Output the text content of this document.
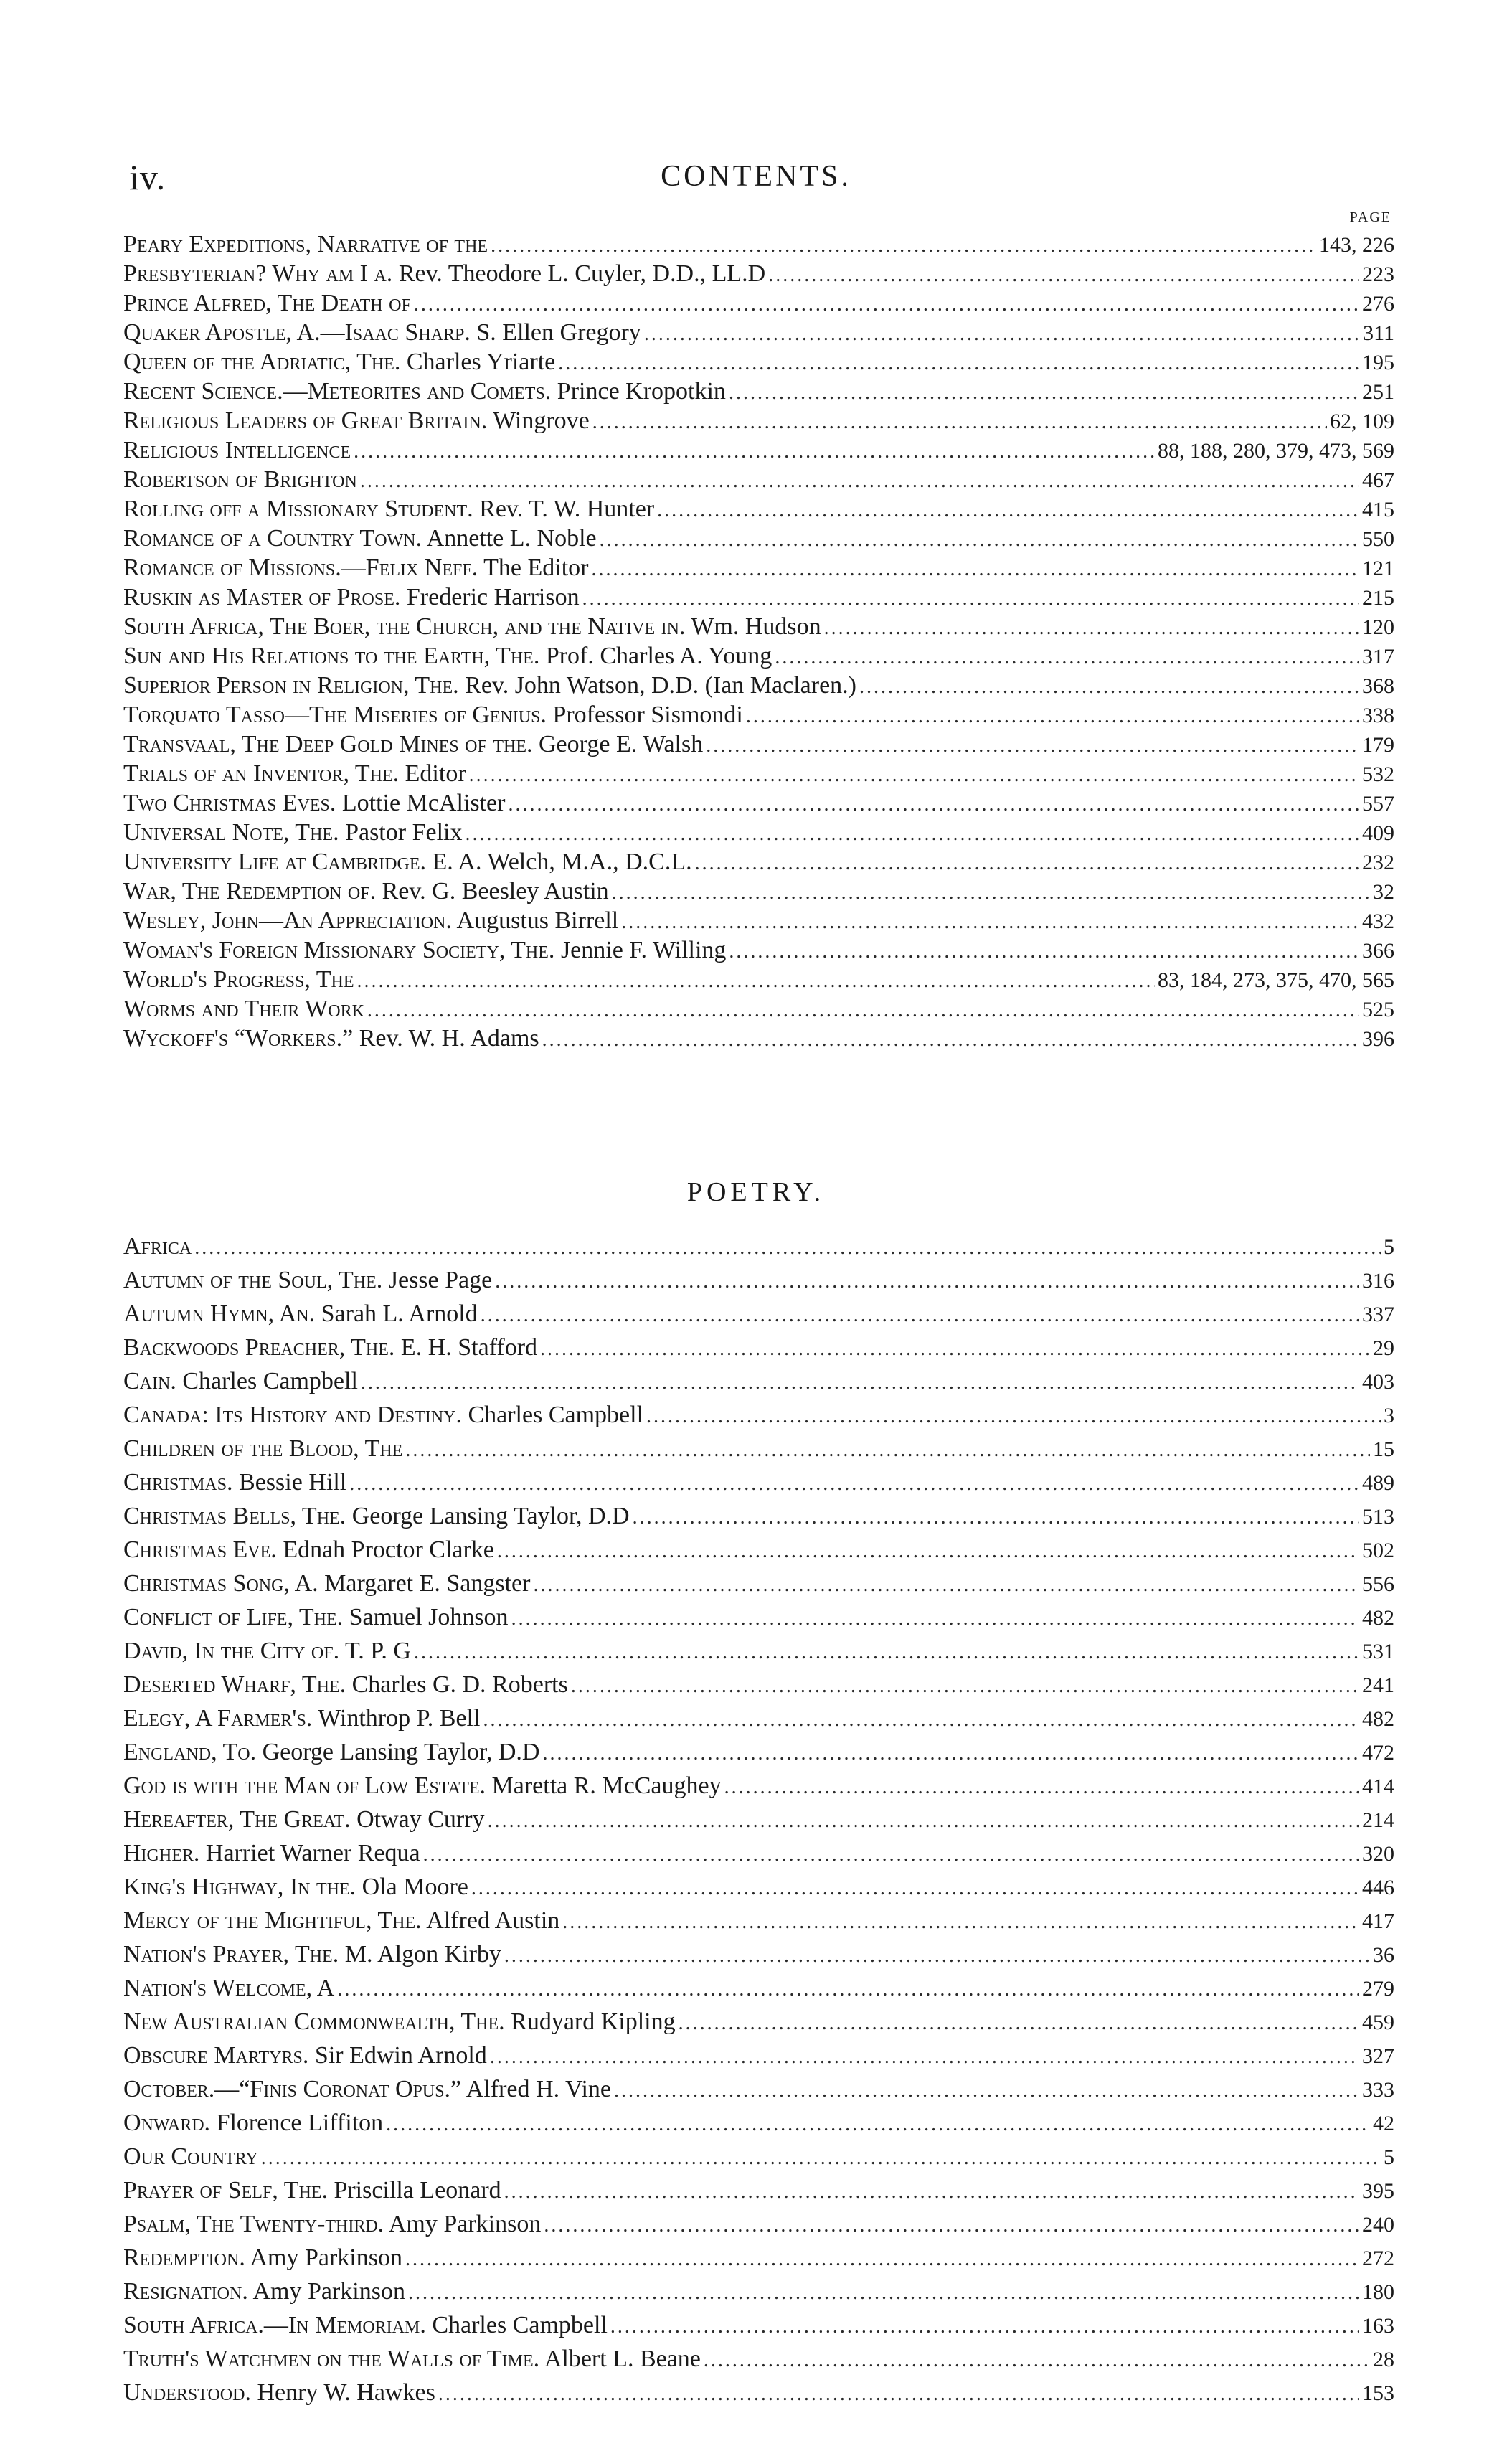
iv.	CONTENTS.
PAGE
Peary Expeditions, Narrative of the .....	143, 226
Presbyterian? Why am I a. Rev. Theodore L. Cuyler, D.D., LL.D .....	223
Prince Alfred, The Death of .....	276
Quaker Apostle, A.—Isaac Sharp. S. Ellen Gregory .....	311
Queen of the Adriatic, The. Charles Yriarte .....	195
Recent Science.—Meteorites and Comets. Prince Kropotkin .....	251
Religious Leaders of Great Britain. Wingrove .....	62, 109
Religious Intelligence .....	88, 188, 280, 379, 473, 569
Robertson of Brighton .....	467
Rolling off a Missionary Student. Rev. T. W. Hunter .....	415
Romance of a Country Town. Annette L. Noble .....	550
Romance of Missions.—Felix Neff. The Editor .....	121
Ruskin as Master of Prose. Frederic Harrison .....	215
South Africa, The Boer, the Church, and the Native in. Wm. Hudson .....	120
Sun and His Relations to the Earth, The. Prof. Charles A. Young .....	317
Superior Person in Religion, The. Rev. John Watson, D.D. (Ian Maclaren.) .....	368
Torquato Tasso—The Miseries of Genius. Professor Sismondi .....	338
Transvaal, The Deep Gold Mines of the. George E. Walsh .....	179
Trials of an Inventor, The. Editor .....	532
Two Christmas Eves. Lottie McAlister .....	557
Universal Note, The. Pastor Felix .....	409
University Life at Cambridge. E. A. Welch, M.A., D.C.L. .....	232
War, The Redemption of. Rev. G. Beesley Austin .....	32
Wesley, John—An Appreciation. Augustus Birrell .....	432
Woman's Foreign Missionary Society, The. Jennie F. Willing .....	366
World's Progress, The .....	83, 184, 273, 375, 470, 565
Worms and Their Work .....	525
Wyckoff's “Workers.” Rev. W. H. Adams .....	396
POETRY.
Africa .....	5
Autumn of the Soul, The. Jesse Page .....	316
Autumn Hymn, An. Sarah L. Arnold .....	337
Backwoods Preacher, The. E. H. Stafford .....	29
Cain. Charles Campbell .....	403
Canada: Its History and Destiny. Charles Campbell .....	3
Children of the Blood, The .....	15
Christmas. Bessie Hill .....	489
Christmas Bells, The. George Lansing Taylor, D.D .....	513
Christmas Eve. Ednah Proctor Clarke .....	502
Christmas Song, A. Margaret E. Sangster .....	556
Conflict of Life, The. Samuel Johnson .....	482
David, In the City of. T. P. G .....	531
Deserted Wharf, The. Charles G. D. Roberts .....	241
Elegy, A Farmer's. Winthrop P. Bell .....	482
England, To. George Lansing Taylor, D.D .....	472
God is with the Man of Low Estate. Maretta R. McCaughey .....	414
Hereafter, The Great. Otway Curry .....	214
Higher. Harriet Warner Requa .....	320
King's Highway, In the. Ola Moore .....	446
Mercy of the Mightiful, The. Alfred Austin .....	417
Nation's Prayer, The. M. Algon Kirby .....	36
Nation's Welcome, A .....	279
New Australian Commonwealth, The. Rudyard Kipling .....	459
Obscure Martyrs. Sir Edwin Arnold .....	327
October.—“Finis Coronat Opus.” Alfred H. Vine .....	333
Onward. Florence Liffiton .....	42
Our Country .....	5
Prayer of Self, The. Priscilla Leonard .....	395
Psalm, The Twenty-third. Amy Parkinson .....	240
Redemption. Amy Parkinson .....	272
Resignation. Amy Parkinson .....	180
South Africa.—In Memoriam. Charles Campbell .....	163
Truth's Watchmen on the Walls of Time. Albert L. Beane .....	28
Understood. Henry W. Hawkes .....	153
